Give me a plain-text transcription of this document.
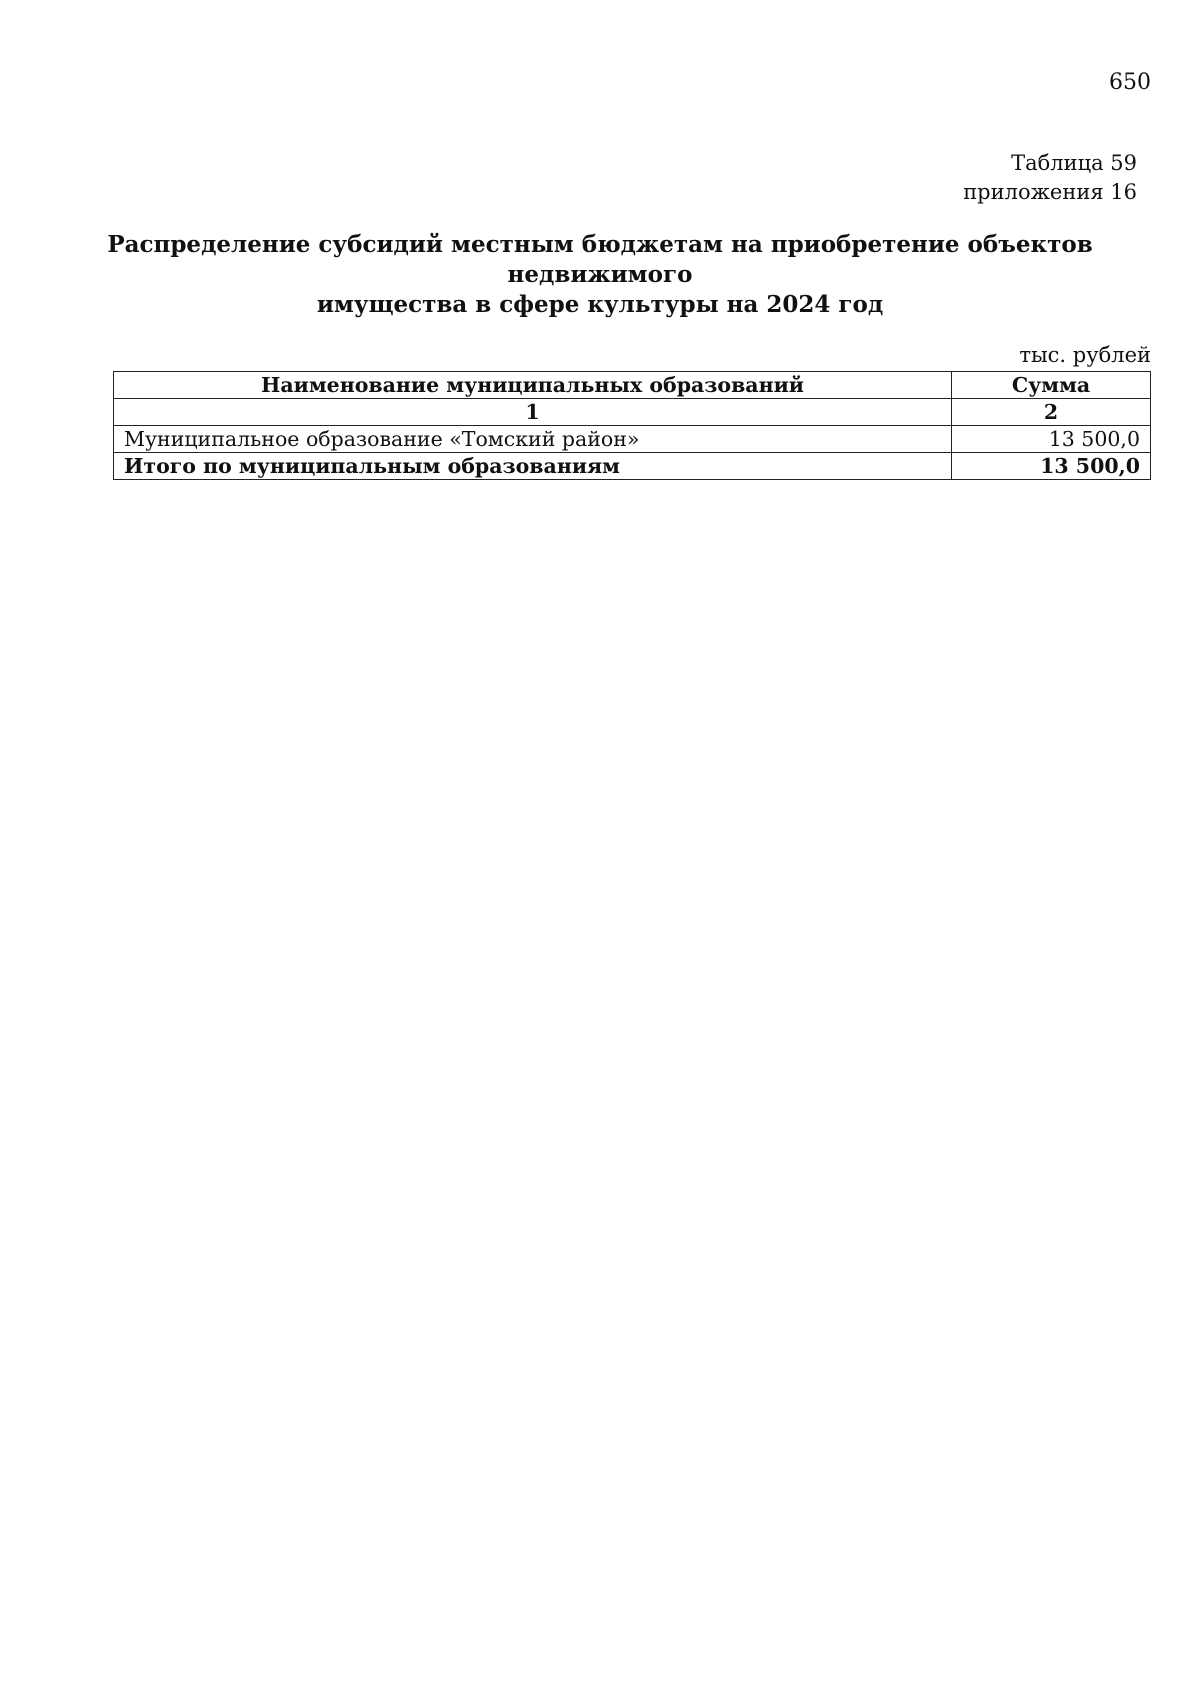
650
Таблица 59
приложения 16
Распределение субсидий местным бюджетам на приобретение объектов недвижимого
имущества в сфере культуры на 2024 год
тыс. рублей
Наименование муниципальных образований	Сумма
1	2
Муниципальное образование «Томский район»	13 500,0
Итого по муниципальным образованиям	13 500,0
